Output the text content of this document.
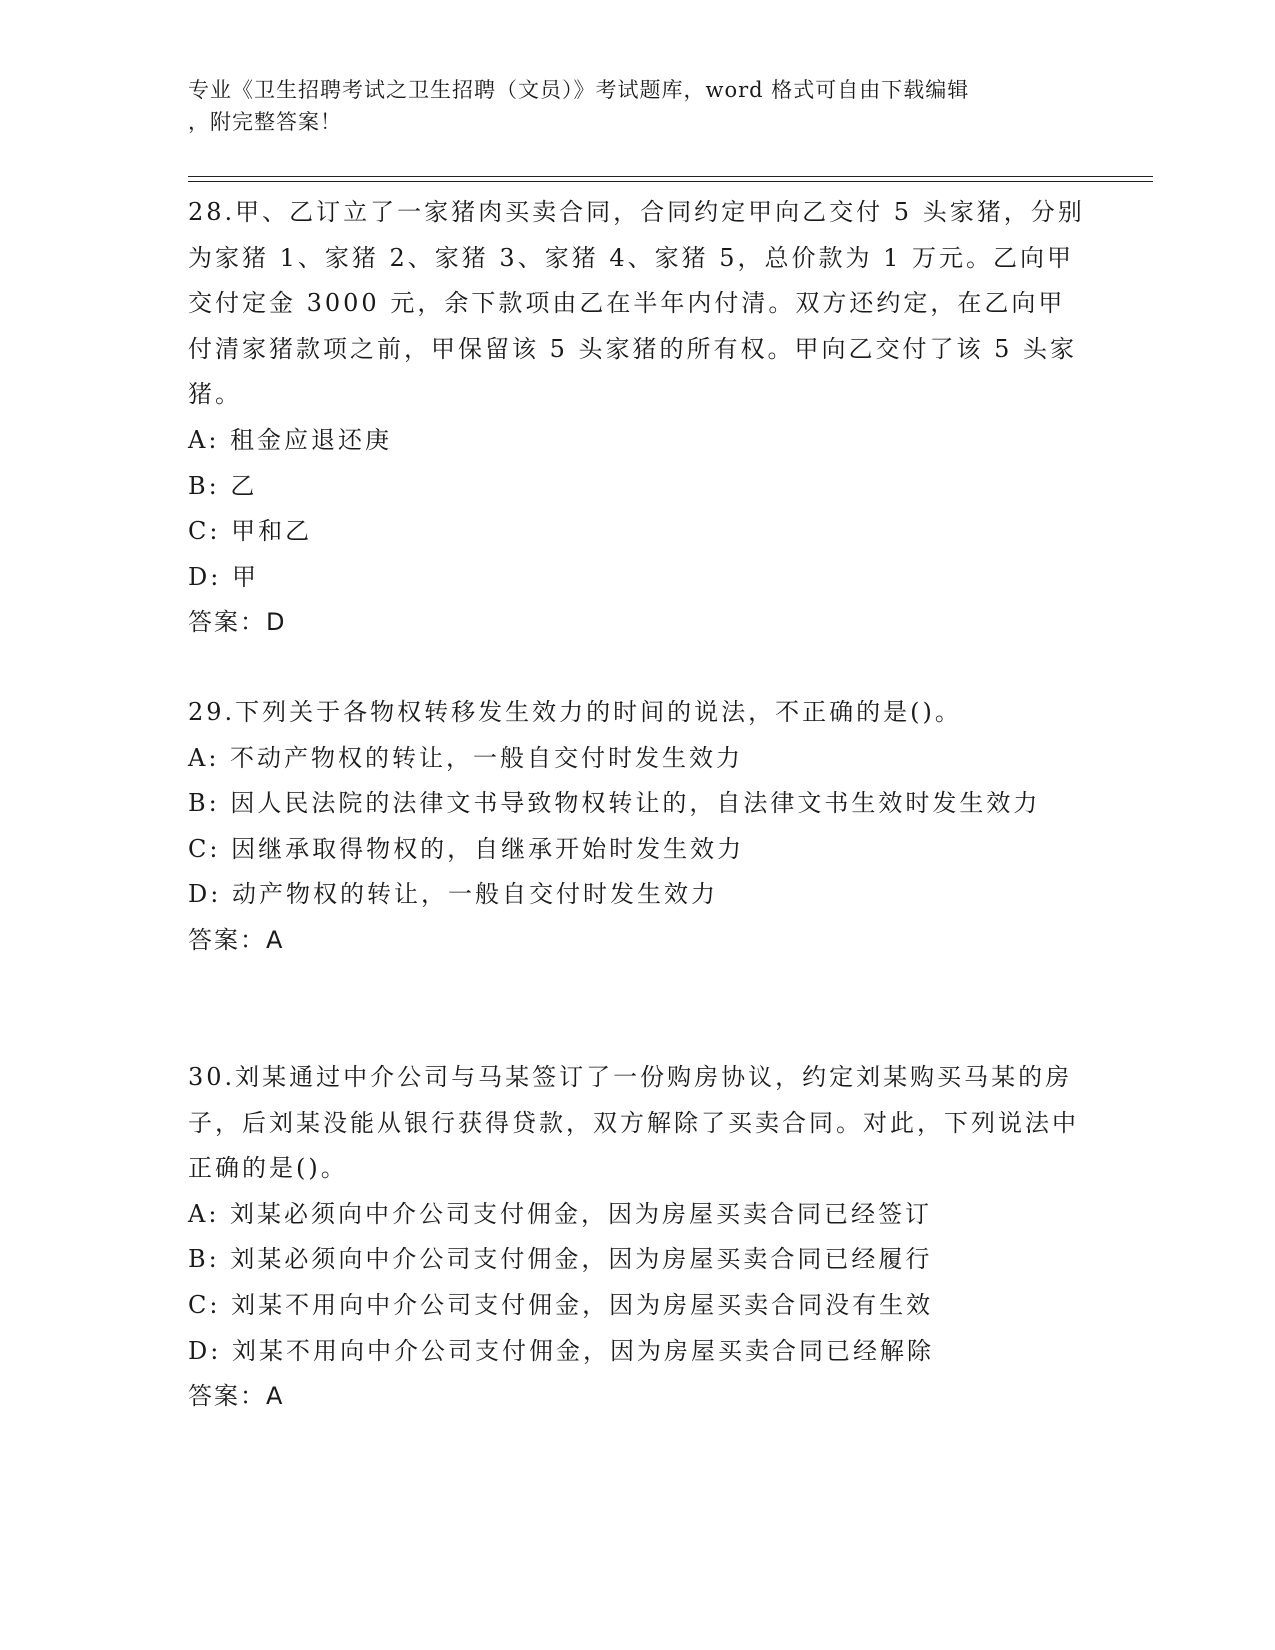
专业《卫生招聘考试之卫生招聘（文员）》考试题库，word 格式可自由下载编辑
，附完整答案！
28.甲、乙订立了一家猪肉买卖合同，合同约定甲向乙交付 5 头家猪，分别为家猪 1、家猪 2、家猪 3、家猪 4、家猪 5，总价款为 1 万元。乙向甲交付定金 3000 元，余下款项由乙在半年内付清。双方还约定，在乙向甲付清家猪款项之前，甲保留该 5 头家猪的所有权。甲向乙交付了该 5 头家猪。
A: 租金应退还庚
B: 乙
C: 甲和乙
D: 甲
答案：D
29.下列关于各物权转移发生效力的时间的说法，不正确的是()。
A: 不动产物权的转让，一般自交付时发生效力
B: 因人民法院的法律文书导致物权转让的，自法律文书生效时发生效力
C: 因继承取得物权的，自继承开始时发生效力
D: 动产物权的转让，一般自交付时发生效力
答案：A
30.刘某通过中介公司与马某签订了一份购房协议，约定刘某购买马某的房子，后刘某没能从银行获得贷款，双方解除了买卖合同。对此，下列说法中正确的是()。
A: 刘某必须向中介公司支付佣金，因为房屋买卖合同已经签订
B: 刘某必须向中介公司支付佣金，因为房屋买卖合同已经履行
C: 刘某不用向中介公司支付佣金，因为房屋买卖合同没有生效
D: 刘某不用向中介公司支付佣金，因为房屋买卖合同已经解除
答案：A
